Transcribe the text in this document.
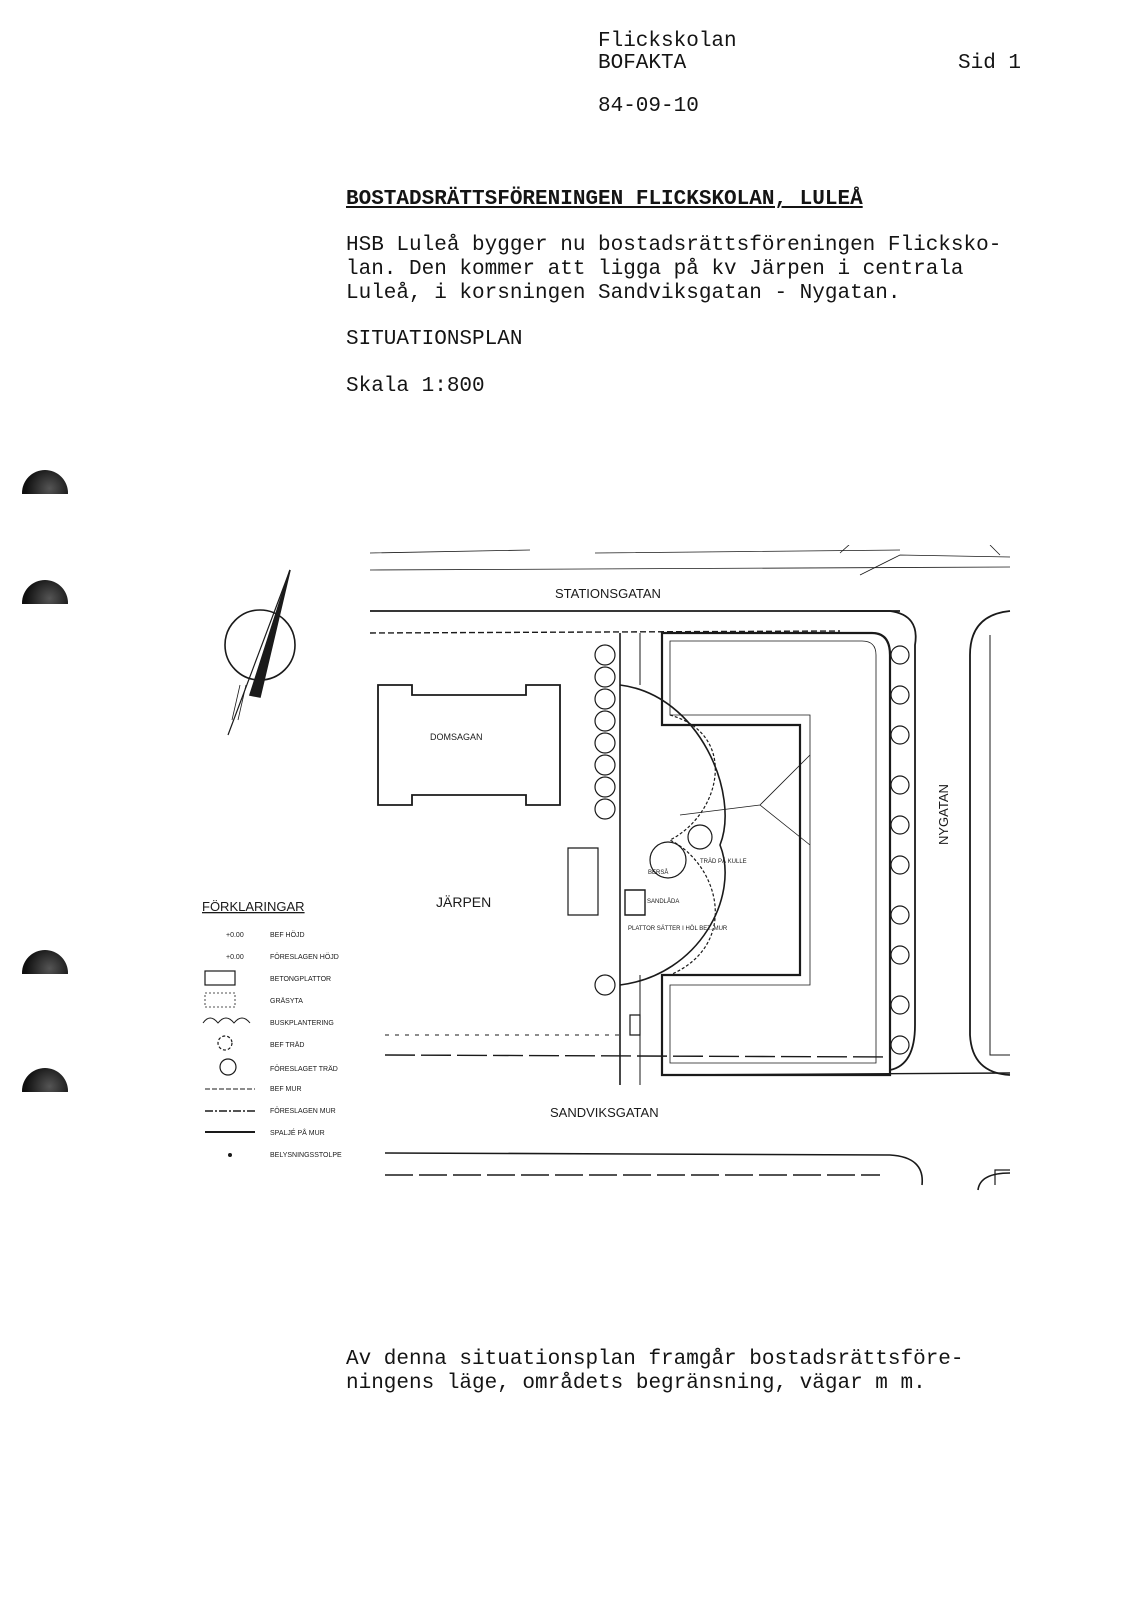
Flickskolan
BOFAKTA	Sid 1
84-09-10
BOSTADSRÄTTSFÖRENINGEN FLICKSKOLAN, LULEÅ
HSB Luleå bygger nu bostadsrättsföreningen Flicksko-
lan. Den kommer att ligga på kv Järpen i centrala
Luleå, i korsningen Sandviksgatan - Nygatan.
SITUATIONSPLAN
Skala 1:800
STATIONSGATAN
DOMSAGAN
BERSÅ
TRÄD PÅ KULLE
SANDLÅDA
PLATTOR SÄTTER I HÖL BET. MUR
JÄRPEN
NYGATAN
SANDVIKSGATAN
FÖRKLARINGAR
+0.00	BEF HÖJD
+0.00	FÖRESLAGEN HÖJD
BETONGPLATTOR
GRÄSYTA
BUSKPLANTERING
BEF TRÄD
FÖRESLAGET TRÄD
BEF MUR
FÖRESLAGEN MUR
SPALJÉ PÅ MUR
BELYSNINGSSTOLPE
Av denna situationsplan framgår bostadsrättsföre-
ningens läge, områdets begränsning, vägar m m.
